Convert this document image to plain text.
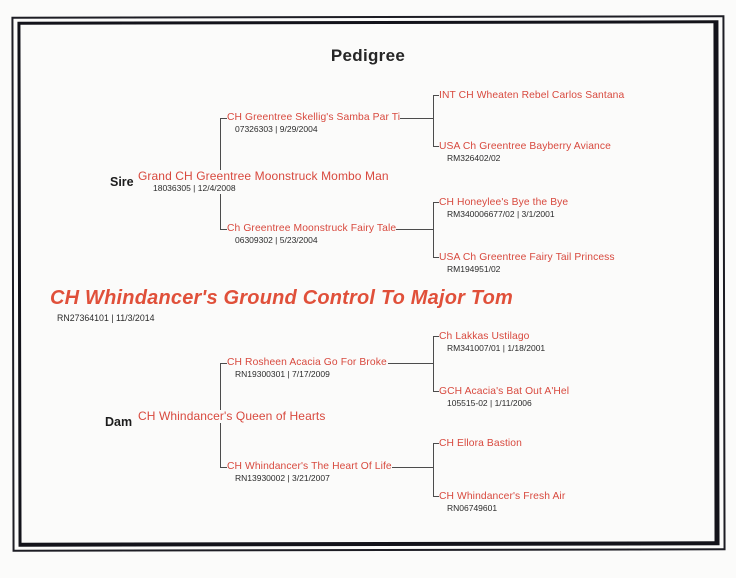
Pedigree
CH Whindancer's Ground Control To Major Tom
RN27364101 | 11/3/2014
Sire Grand CH Greentree Moonstruck Mombo Man
18036305 | 12/4/2008
Dam CH Whindancer's Queen of Hearts
CH Greentree Skellig's Samba Par Ti
07326303 | 9/29/2004
Ch Greentree Moonstruck Fairy Tale
06309302 | 5/23/2004
CH Rosheen Acacia Go For Broke
RN19300301 | 7/17/2009
CH Whindancer's The Heart Of Life
RN13930002 | 3/21/2007
INT CH Wheaten Rebel Carlos Santana
USA Ch Greentree Bayberry Aviance
RM326402/02
CH Honeylee's Bye the Bye
RM340006677/02 | 3/1/2001
USA Ch Greentree Fairy Tail Princess
RM194951/02
Ch Lakkas Ustilago
RM341007/01 | 1/18/2001
GCH Acacia's Bat Out A'Hel
105515-02 | 1/11/2006
CH Ellora Bastion
CH Whindancer's Fresh Air
RN06749601
